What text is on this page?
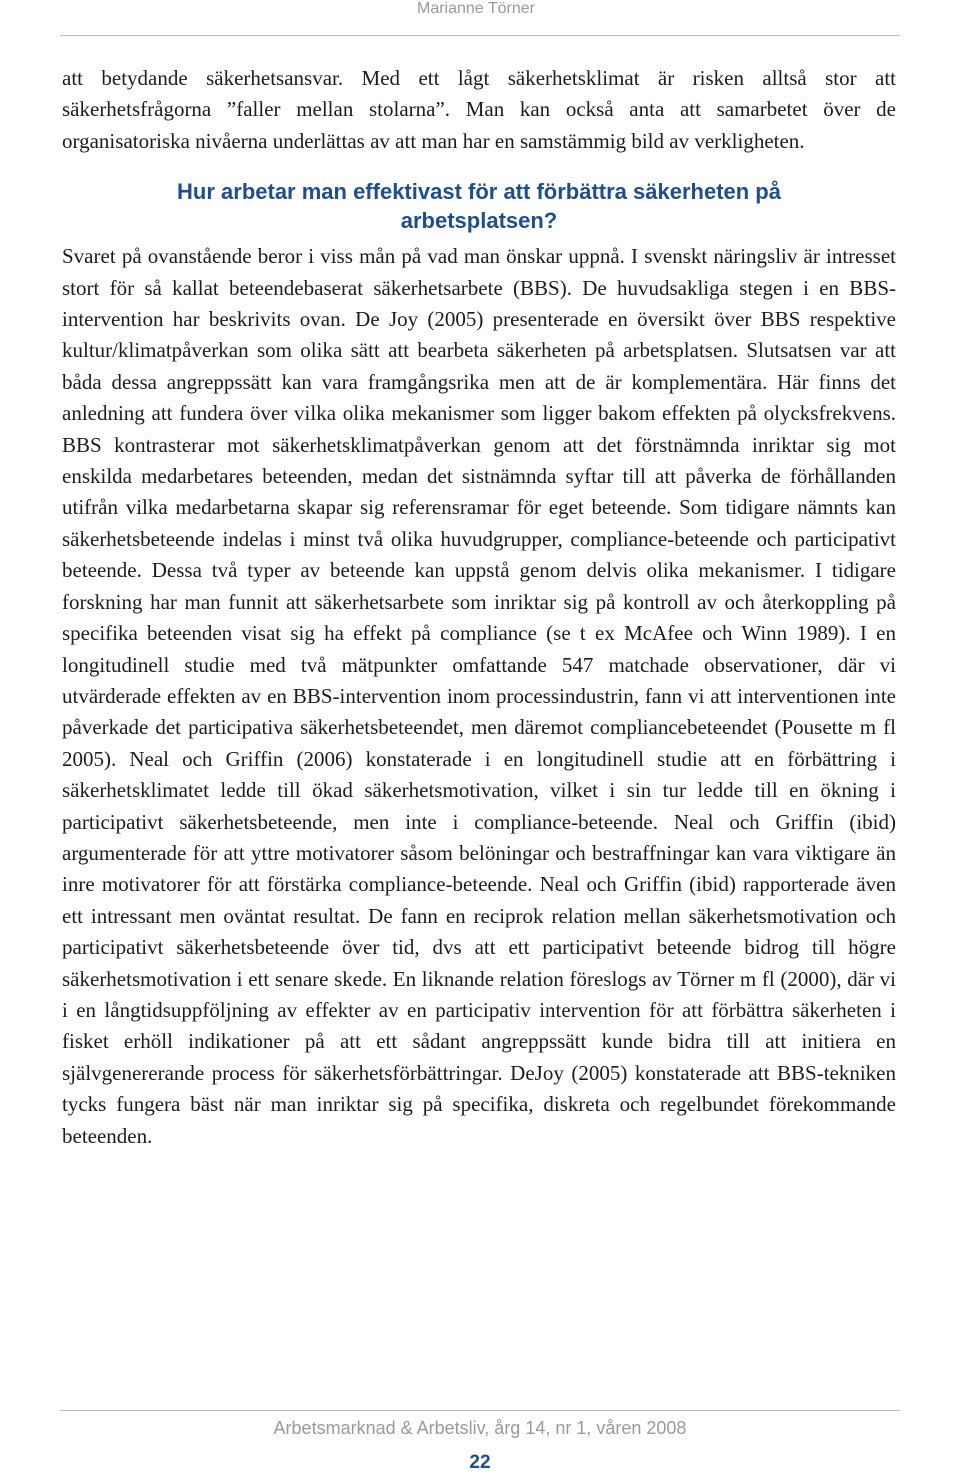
Marianne Törner

att betydande säkerhetsansvar. Med ett lågt säkerhetsklimat är risken alltså stor att säkerhetsfrågorna ”faller mellan stolarna”. Man kan också anta att samarbetet över de organisatoriska nivåerna underlättas av att man har en samstämmig bild av verkligheten.

Hur arbetar man effektivast för att förbättra säkerheten på arbetsplatsen?

Svaret på ovanstående beror i viss mån på vad man önskar uppnå. I svenskt näringsliv är intresset stort för så kallat beteendebaserat säkerhetsarbete (BBS). De huvudsakliga stegen i en BBS-intervention har beskrivits ovan. De Joy (2005) presenterade en översikt över BBS respektive kultur/klimatpåverkan som olika sätt att bearbeta säkerheten på arbetsplatsen. Slutsatsen var att båda dessa angreppssätt kan vara framgångsrika men att de är komplementära. Här finns det anledning att fundera över vilka olika mekanismer som ligger bakom effekten på olycksfrekvens. BBS kontrasterar mot säkerhetsklimatpåverkan genom att det förstnämnda inriktar sig mot enskilda medarbetares beteenden, medan det sistnämnda syftar till att påverka de förhållanden utifrån vilka medarbetarna skapar sig referensramar för eget beteende. Som tidigare nämnts kan säkerhetsbeteende indelas i minst två olika huvudgrupper, compliance-beteende och participativt beteende. Dessa två typer av beteende kan uppstå genom delvis olika mekanismer. I tidigare forskning har man funnit att säkerhetsarbete som inriktar sig på kontroll av och återkoppling på specifika beteenden visat sig ha effekt på compliance (se t ex McAfee och Winn 1989). I en longitudinell studie med två mätpunkter omfattande 547 matchade observationer, där vi utvärderade effekten av en BBS-intervention inom processindustrin, fann vi att interventionen inte påverkade det participativa säkerhetsbeteendet, men däremot compliancebeteendet (Pousette m fl 2005). Neal och Griffin (2006) konstaterade i en longitudinell studie att en förbättring i säkerhetsklimatet ledde till ökad säkerhetsmotivation, vilket i sin tur ledde till en ökning i participativt säkerhetsbeteende, men inte i compliance-beteende. Neal och Griffin (ibid) argumenterade för att yttre motivatorer såsom belöningar och bestraffningar kan vara viktigare än inre motivatorer för att förstärka compliance-beteende. Neal och Griffin (ibid) rapporterade även ett intressant men oväntat resultat. De fann en reciprok relation mellan säkerhetsmotivation och participativt säkerhetsbeteende över tid, dvs att ett participativt beteende bidrog till högre säkerhetsmotivation i ett senare skede. En liknande relation föreslogs av Törner m fl (2000), där vi i en långtidsuppföljning av effekter av en participativ intervention för att förbättra säkerheten i fisket erhöll indikationer på att ett sådant angreppssätt kunde bidra till att initiera en självgenererande process för säkerhetsförbättringar. DeJoy (2005) konstaterade att BBS-tekniken tycks fungera bäst när man inriktar sig på specifika, diskreta och regelbundet förekommande beteenden.

Arbetsmarknad & Arbetsliv, årg 14, nr 1, våren 2008
22
